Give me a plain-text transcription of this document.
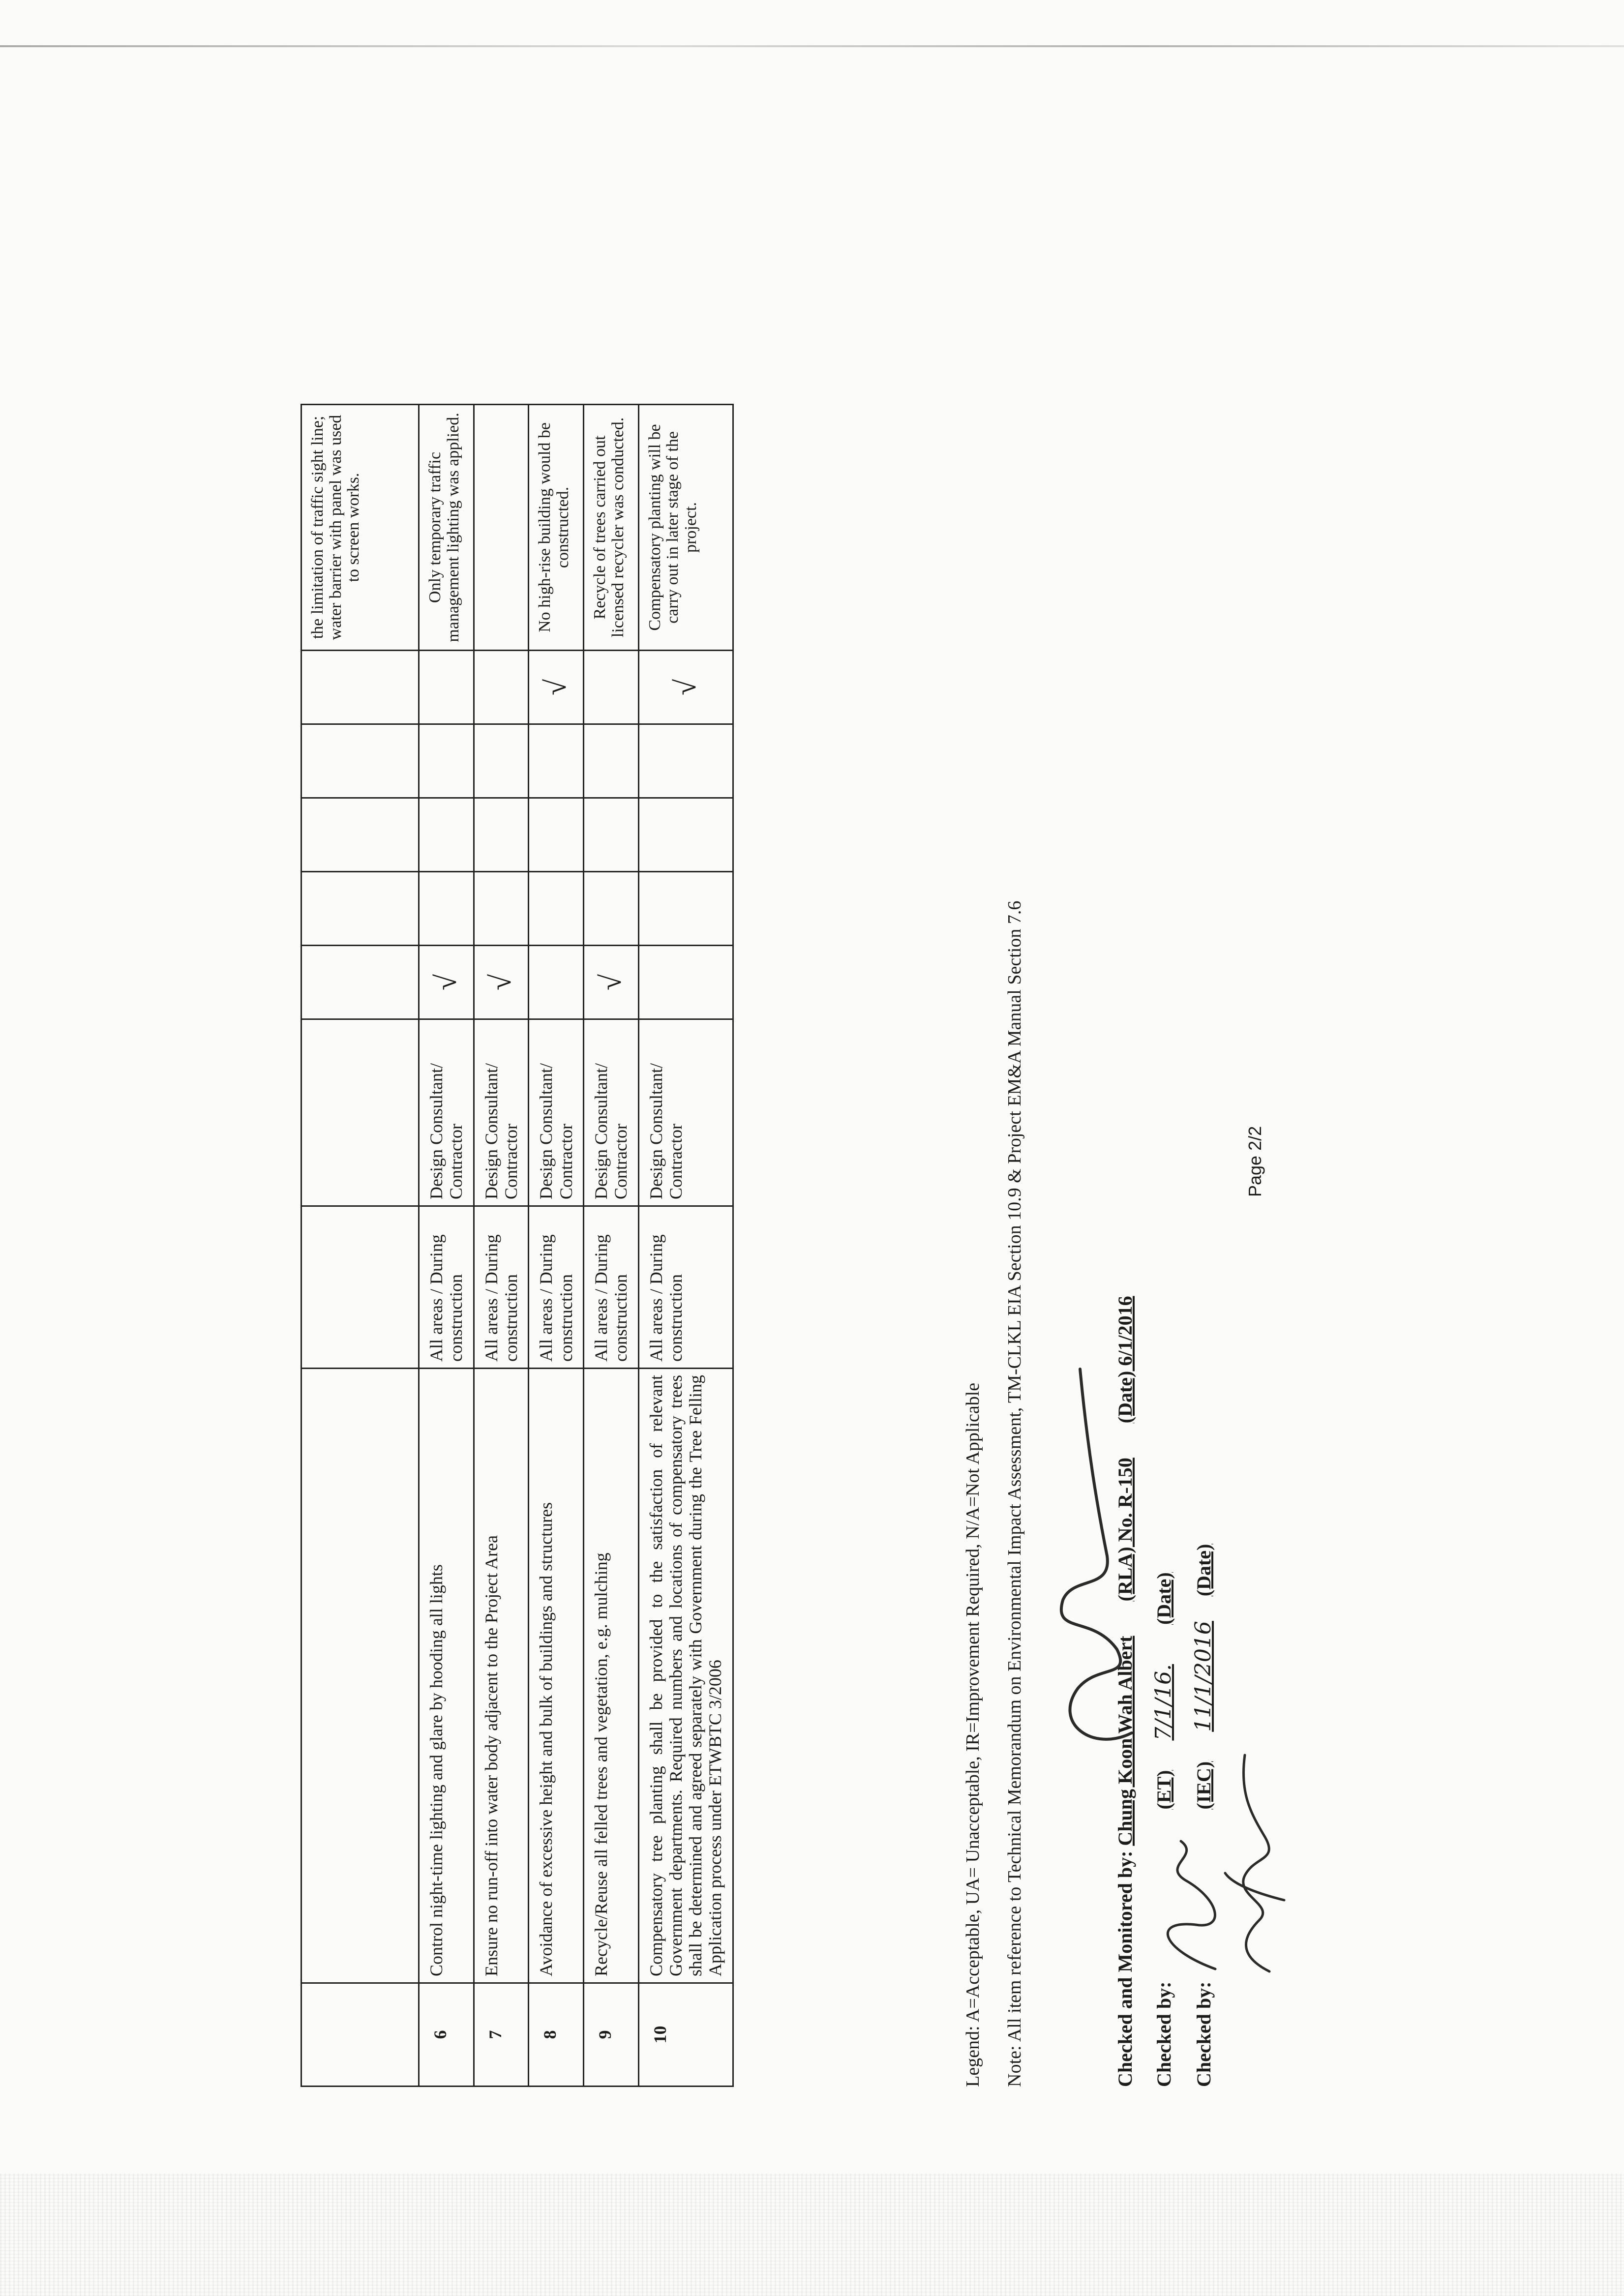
									the limitation of traffic sight line; water barrier with panel was used to screen works.
6	Control night-time lighting and glare by hooding all lights	All areas / During construction	Design Consultant/ Contractor	√					Only temporary traffic management lighting was applied.
7	Ensure no run-off into water body adjacent to the Project Area	All areas / During construction	Design Consultant/ Contractor	√					
8	Avoidance of excessive height and bulk of buildings and structures	All areas / During construction	Design Consultant/ Contractor					√	No high-rise building would be constructed.
9	Recycle/Reuse all felled trees and vegetation, e.g. mulching	All areas / During construction	Design Consultant/ Contractor	√					Recycle of trees carried out licensed recycler was conducted.
10	Compensatory tree planting shall be provided to the satisfaction of relevant Government departments. Required numbers and locations of compensatory trees shall be determined and agreed separately with Government during the Tree Felling Application process under ETWBTC 3/2006	All areas / During construction	Design Consultant/ Contractor					√	Compensatory planting will be carry out in later stage of the project.
Legend: A=Acceptable, UA= Unacceptable, IR=Improvement Required, N/A=Not Applicable Note: All item reference to Technical Memorandum on Environmental Impact Assessment, TM-CLKL EIA Section 10.9 & Project EM&A Manual Section 7.6	Checked and Monitored by: Chung Koon Wah Albert  (RLA) No. R-150  (Date) 6/1/2016
Checked by:  (ET)  7/1/16.  (Date)
Checked by:  (IEC)  11/1/2016  (Date)
Page 2/2
